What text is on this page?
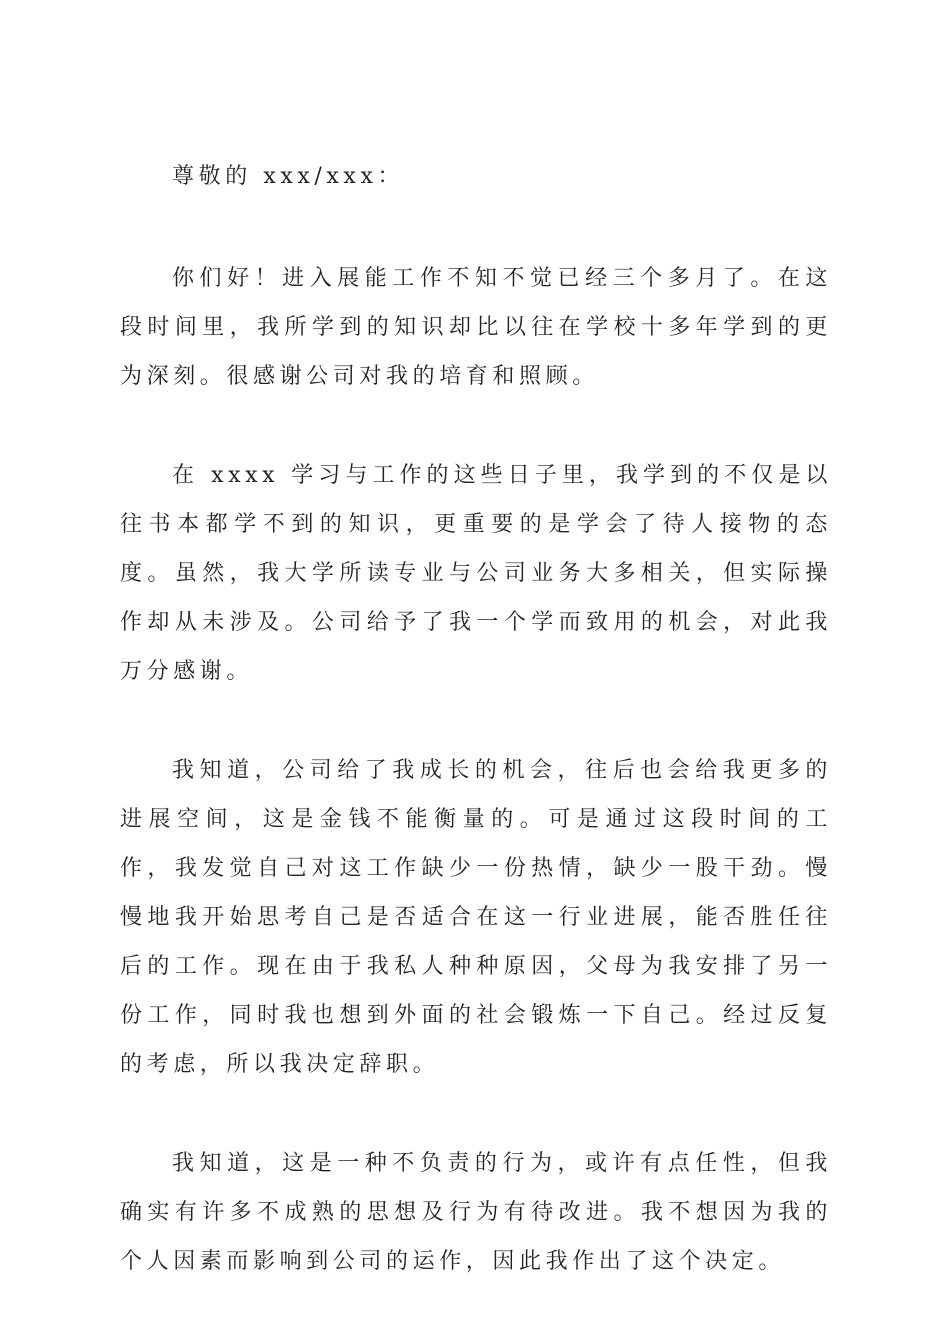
尊敬的 xxx/xxx：

你们好！进入展能工作不知不觉已经三个多月了。在这段时间里，我所学到的知识却比以往在学校十多年学到的更为深刻。很感谢公司对我的培育和照顾。

在 xxxx 学习与工作的这些日子里，我学到的不仅是以往书本都学不到的知识，更重要的是学会了待人接物的态度。虽然，我大学所读专业与公司业务大多相关，但实际操作却从未涉及。公司给予了我一个学而致用的机会，对此我万分感谢。

我知道，公司给了我成长的机会，往后也会给我更多的进展空间，这是金钱不能衡量的。可是通过这段时间的工作，我发觉自己对这工作缺少一份热情，缺少一股干劲。慢慢地我开始思考自己是否适合在这一行业进展，能否胜任往后的工作。现在由于我私人种种原因，父母为我安排了另一份工作，同时我也想到外面的社会锻炼一下自己。经过反复的考虑，所以我决定辞职。

我知道，这是一种不负责的行为，或许有点任性，但我确实有许多不成熟的思想及行为有待改进。我不想因为我的个人因素而影响到公司的运作，因此我作出了这个决定。
